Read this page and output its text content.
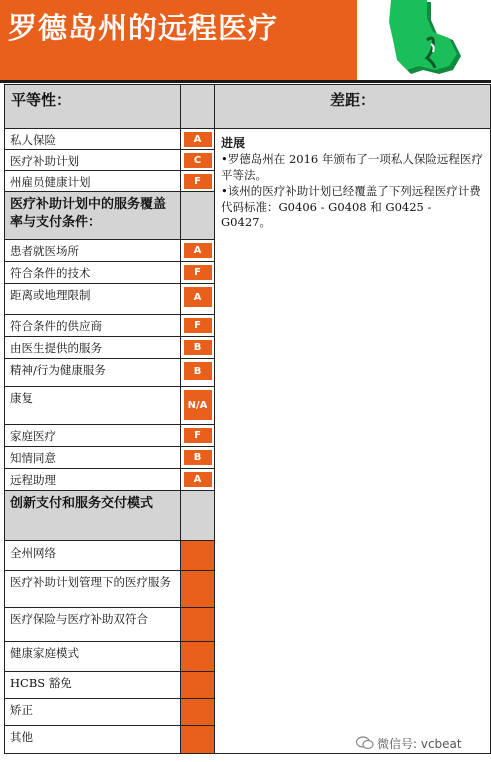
罗德岛州的远程医疗
平等性：		差距：
私人保险	A	进展
•罗德岛州在 2016 年颁布了一项私人保险远程医疗平等法。
•该州的医疗补助计划已经覆盖了下列远程医疗计费代码标准：G0406 - G0408 和 G0425 - G0427。

医疗补助计划	C	

州雇员健康计划	F	

医疗补助计划中的服务覆盖率与支付条件：		
患者就医场所	A	

符合条件的技术	F	

距离或地理限制	A	

符合条件的供应商	F	

由医生提供的服务	B	

精神/行为健康服务	B	

康复	N/A	

家庭医疗	F	

知情同意	B	

远程助理	A	

创新支付和服务交付模式		
全州网络		
医疗补助计划管理下的医疗服务		
医疗保险与医疗补助双符合		
健康家庭模式		
HCBS 豁免		
矫正		
其他			微信号: vcbeat
